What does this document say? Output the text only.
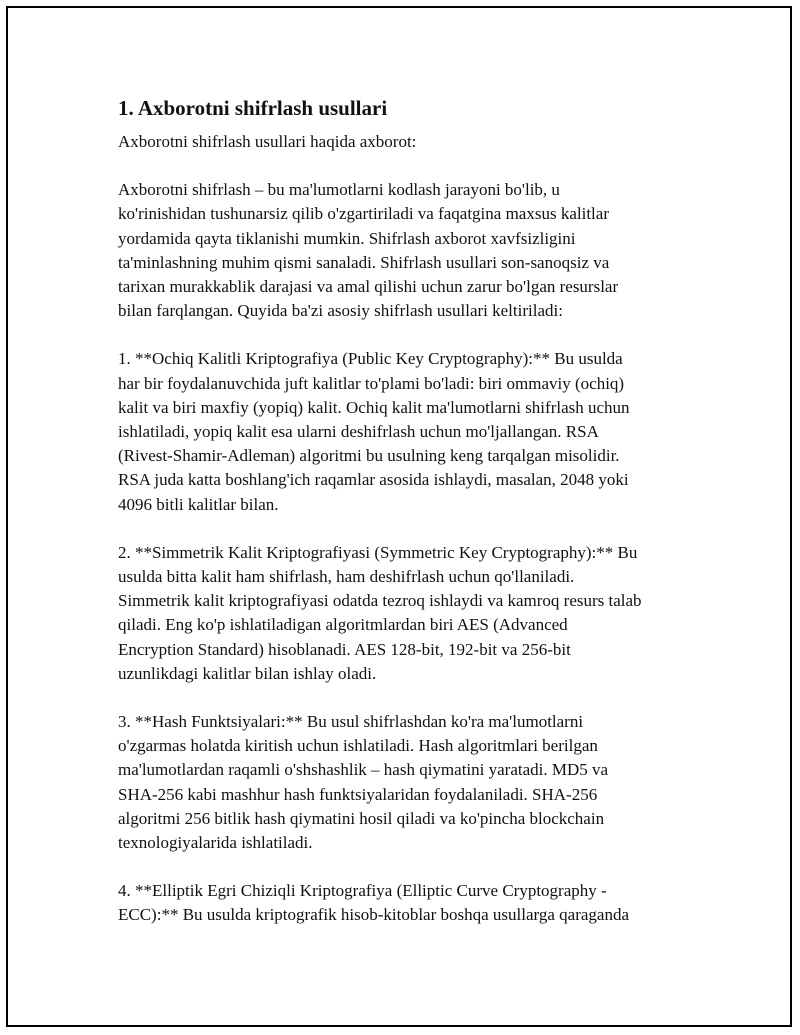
1. Axborotni shifrlash usullari

Axborotni shifrlash usullari haqida axborot:

Axborotni shifrlash – bu ma'lumotlarni kodlash jarayoni bo'lib, u
ko'rinishidan tushunarsiz qilib o'zgartiriladi va faqatgina maxsus kalitlar
yordamida qayta tiklanishi mumkin. Shifrlash axborot xavfsizligini
ta'minlashning muhim qismi sanaladi. Shifrlash usullari son-sanoqsiz va
tarixan murakkablik darajasi va amal qilishi uchun zarur bo'lgan resurslar
bilan farqlangan. Quyida ba'zi asosiy shifrlash usullari keltiriladi:

1. **Ochiq Kalitli Kriptografiya (Public Key Cryptography):** Bu usulda
har bir foydalanuvchida juft kalitlar to'plami bo'ladi: biri ommaviy (ochiq)
kalit va biri maxfiy (yopiq) kalit. Ochiq kalit ma'lumotlarni shifrlash uchun
ishlatiladi, yopiq kalit esa ularni deshifrlash uchun mo'ljallangan. RSA
(Rivest-Shamir-Adleman) algoritmi bu usulning keng tarqalgan misolidir.
RSA juda katta boshlang'ich raqamlar asosida ishlaydi, masalan, 2048 yoki
4096 bitli kalitlar bilan.

2. **Simmetrik Kalit Kriptografiyasi (Symmetric Key Cryptography):** Bu
usulda bitta kalit ham shifrlash, ham deshifrlash uchun qo'llaniladi.
Simmetrik kalit kriptografiyasi odatda tezroq ishlaydi va kamroq resurs talab
qiladi. Eng ko'p ishlatiladigan algoritmlardan biri AES (Advanced
Encryption Standard) hisoblanadi. AES 128-bit, 192-bit va 256-bit
uzunlikdagi kalitlar bilan ishlay oladi.

3. **Hash Funktsiyalari:** Bu usul shifrlashdan ko'ra ma'lumotlarni
o'zgarmas holatda kiritish uchun ishlatiladi. Hash algoritmlari berilgan
ma'lumotlardan raqamli o'shshashlik – hash qiymatini yaratadi. MD5 va
SHA-256 kabi mashhur hash funktsiyalaridan foydalaniladi. SHA-256
algoritmi 256 bitlik hash qiymatini hosil qiladi va ko'pincha blockchain
texnologiyalarida ishlatiladi.

4. **Elliptik Egri Chiziqli Kriptografiya (Elliptic Curve Cryptography -
ECC):** Bu usulda kriptografik hisob-kitoblar boshqa usullarga qaraganda
